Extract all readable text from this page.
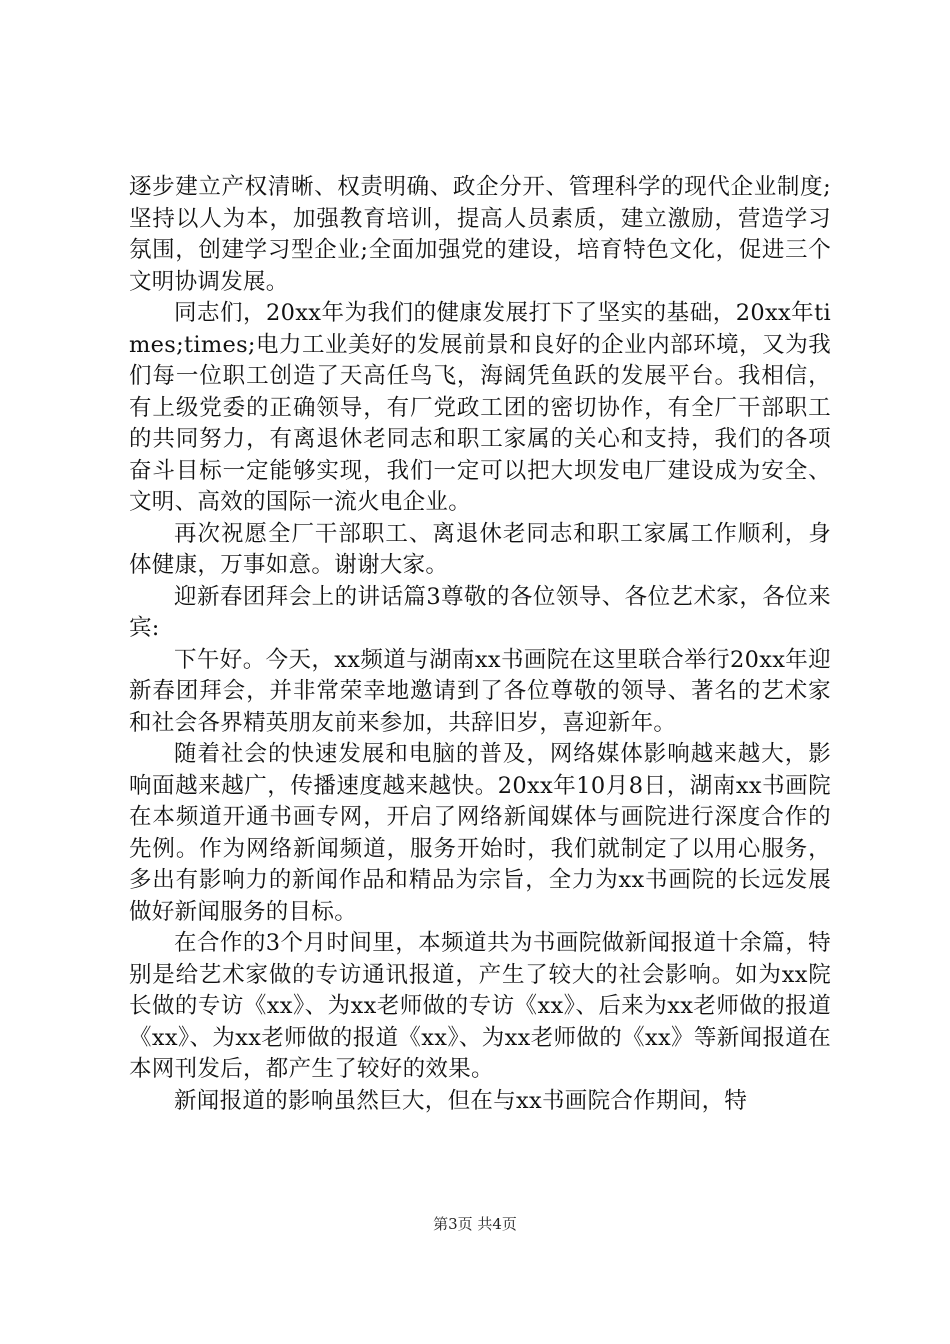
逐步建立产权清晰、权责明确、政企分开、管理科学的现代企业制度;坚持以人为本，加强教育培训，提高人员素质，建立激励，营造学习氛围，创建学习型企业;全面加强党的建设，培育特色文化，促进三个文明协调发展。

同志们，20xx年为我们的健康发展打下了坚实的基础，20xx年times;times;电力工业美好的发展前景和良好的企业内部环境，又为我们每一位职工创造了天高任鸟飞，海阔凭鱼跃的发展平台。我相信，有上级党委的正确领导，有厂党政工团的密切协作，有全厂干部职工的共同努力，有离退休老同志和职工家属的关心和支持，我们的各项奋斗目标一定能够实现，我们一定可以把大坝发电厂建设成为安全、文明、高效的国际一流火电企业。

再次祝愿全厂干部职工、离退休老同志和职工家属工作顺利，身体健康，万事如意。谢谢大家。

迎新春团拜会上的讲话篇3尊敬的各位领导、各位艺术家，各位来宾:

下午好。今天，xx频道与湖南xx书画院在这里联合举行20xx年迎新春团拜会，并非常荣幸地邀请到了各位尊敬的领导、著名的艺术家和社会各界精英朋友前来参加，共辞旧岁，喜迎新年。

随着社会的快速发展和电脑的普及，网络媒体影响越来越大，影响面越来越广，传播速度越来越快。20xx年10月8日，湖南xx书画院在本频道开通书画专网，开启了网络新闻媒体与画院进行深度合作的先例。作为网络新闻频道，服务开始时，我们就制定了以用心服务，多出有影响力的新闻作品和精品为宗旨，全力为xx书画院的长远发展做好新闻服务的目标。

在合作的3个月时间里，本频道共为书画院做新闻报道十余篇，特别是给艺术家做的专访通讯报道，产生了较大的社会影响。如为xx院长做的专访《xx》、为xx老师做的专访《xx》、后来为xx老师做的报道《xx》、为xx老师做的报道《xx》、为xx老师做的《xx》等新闻报道在本网刊发后，都产生了较好的效果。

新闻报道的影响虽然巨大，但在与xx书画院合作期间，特

第3页 共4页
